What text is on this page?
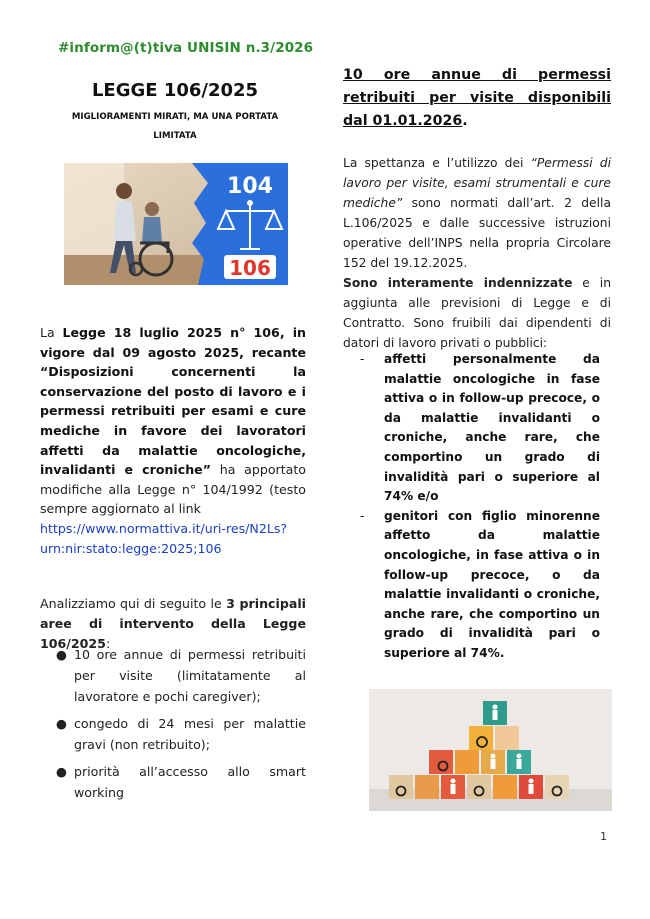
#inform@(t)tiva UNISIN n.3/2026
LEGGE 106/2025
MIGLIORAMENTI MIRATI, MA UNA PORTATA LIMITATA
104
106
La Legge 18 luglio 2025 n° 106, in vigore dal 09 agosto 2025, recante “Disposizioni concernenti la conservazione del posto di lavoro e i permessi retribuiti per esami e cure mediche in favore dei lavoratori affetti da malattie oncologiche, invalidanti e croniche” ha apportato modifiche alla Legge n° 104/1992 (testo sempre aggiornato al link
https://www.normattiva.it/uri-res/N2Ls?urn:nir:stato:legge:2025;106
Analizziamo qui di seguito le 3 principali aree di intervento della Legge 106/2025:
● 10 ore annue di permessi retribuiti per visite (limitatamente al lavoratore e pochi caregiver);
● congedo di 24 mesi per malattie gravi (non retribuito);
● priorità all’accesso allo smart working
10 ore annue di permessi retribuiti per visite disponibili dal 01.01.2026.
La spettanza e l’utilizzo dei “Permessi di lavoro per visite, esami strumentali e cure mediche” sono normati dall’art. 2 della L.106/2025 e dalle successive istruzioni operative dell’INPS nella propria Circolare 152 del 19.12.2025.
Sono interamente indennizzate e in aggiunta alle previsioni di Legge e di Contratto. Sono fruibili dai dipendenti di datori di lavoro privati o pubblici:
- affetti personalmente da malattie oncologiche in fase attiva o in follow-up precoce, o da malattie invalidanti o croniche, anche rare, che comportino un grado di invalidità pari o superiore al 74% e/o
- genitori con figlio minorenne affetto da malattie oncologiche, in fase attiva o in follow-up precoce, o da malattie invalidanti o croniche, anche rare, che comportino un grado di invalidità pari o superiore al 74%.
1
